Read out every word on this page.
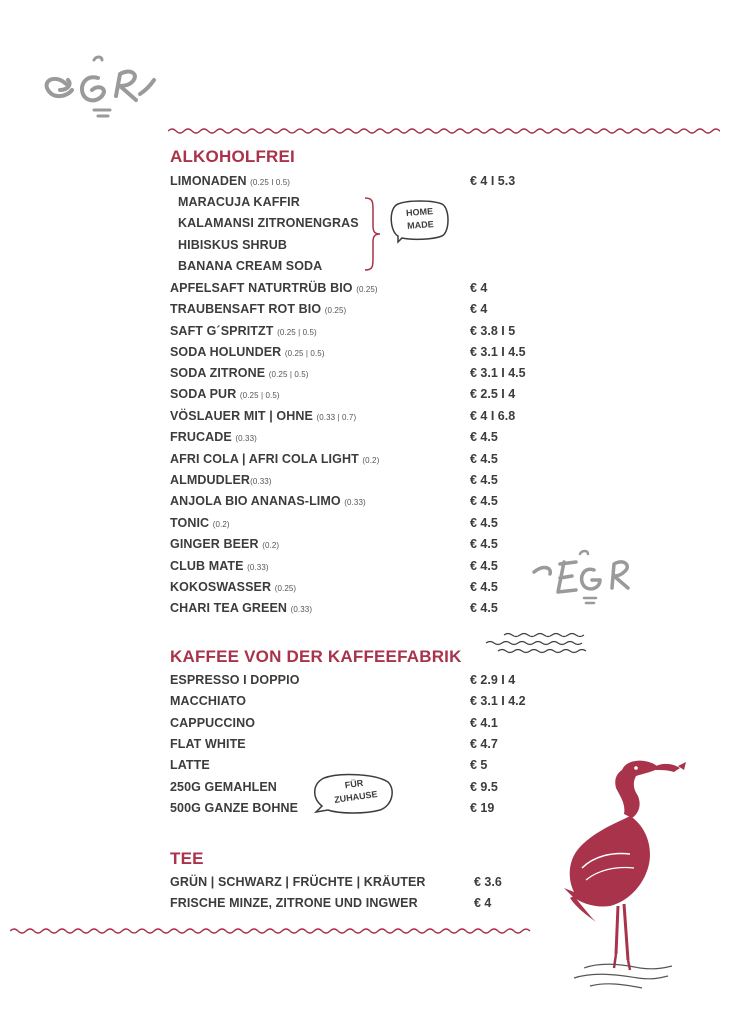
ALKOHOLFREI
LIMONADEN (0.25 I 0.5)	€ 4 I 5.3
MARACUJA KAFFIR
KALAMANSI ZITRONENGRAS
HIBISKUS SHRUB
BANANA CREAM SODA
HOME MADE
APFELSAFT NATURTRÜB BIO (0.25)	€ 4
TRAUBENSAFT ROT BIO (0.25)	€ 4
SAFT G´SPRITZT (0.25 | 0.5)	€ 3.8 I 5
SODA HOLUNDER (0.25 | 0.5)	€ 3.1 I 4.5
SODA ZITRONE (0.25 | 0.5)	€ 3.1 I 4.5
SODA PUR (0.25 | 0.5)	€ 2.5 I 4
VÖSLAUER MIT | OHNE (0.33 | 0.7)	€ 4 I 6.8
FRUCADE (0.33)	€ 4.5
AFRI COLA | AFRI COLA LIGHT (0.2)	€ 4.5
ALMDUDLER(0.33)	€ 4.5
ANJOLA BIO ANANAS-LIMO (0.33)	€ 4.5
TONIC (0.2)	€ 4.5
GINGER BEER (0.2)	€ 4.5
CLUB MATE (0.33)	€ 4.5
KOKOSWASSER (0.25)	€ 4.5
CHARI TEA GREEN (0.33)	€ 4.5
KAFFEE VON DER KAFFEEFABRIK
ESPRESSO I DOPPIO	€ 2.9 I 4
MACCHIATO	€ 3.1 I 4.2
CAPPUCCINO	€ 4.1
FLAT WHITE	€ 4.7
LATTE	€ 5
250G GEMAHLEN	€ 9.5
500G GANZE BOHNE	€ 19
FÜR ZUHAUSE
TEE
GRÜN | SCHWARZ | FRÜCHTE | KRÄUTER	€ 3.6
FRISCHE MINZE, ZITRONE UND INGWER	€ 4
